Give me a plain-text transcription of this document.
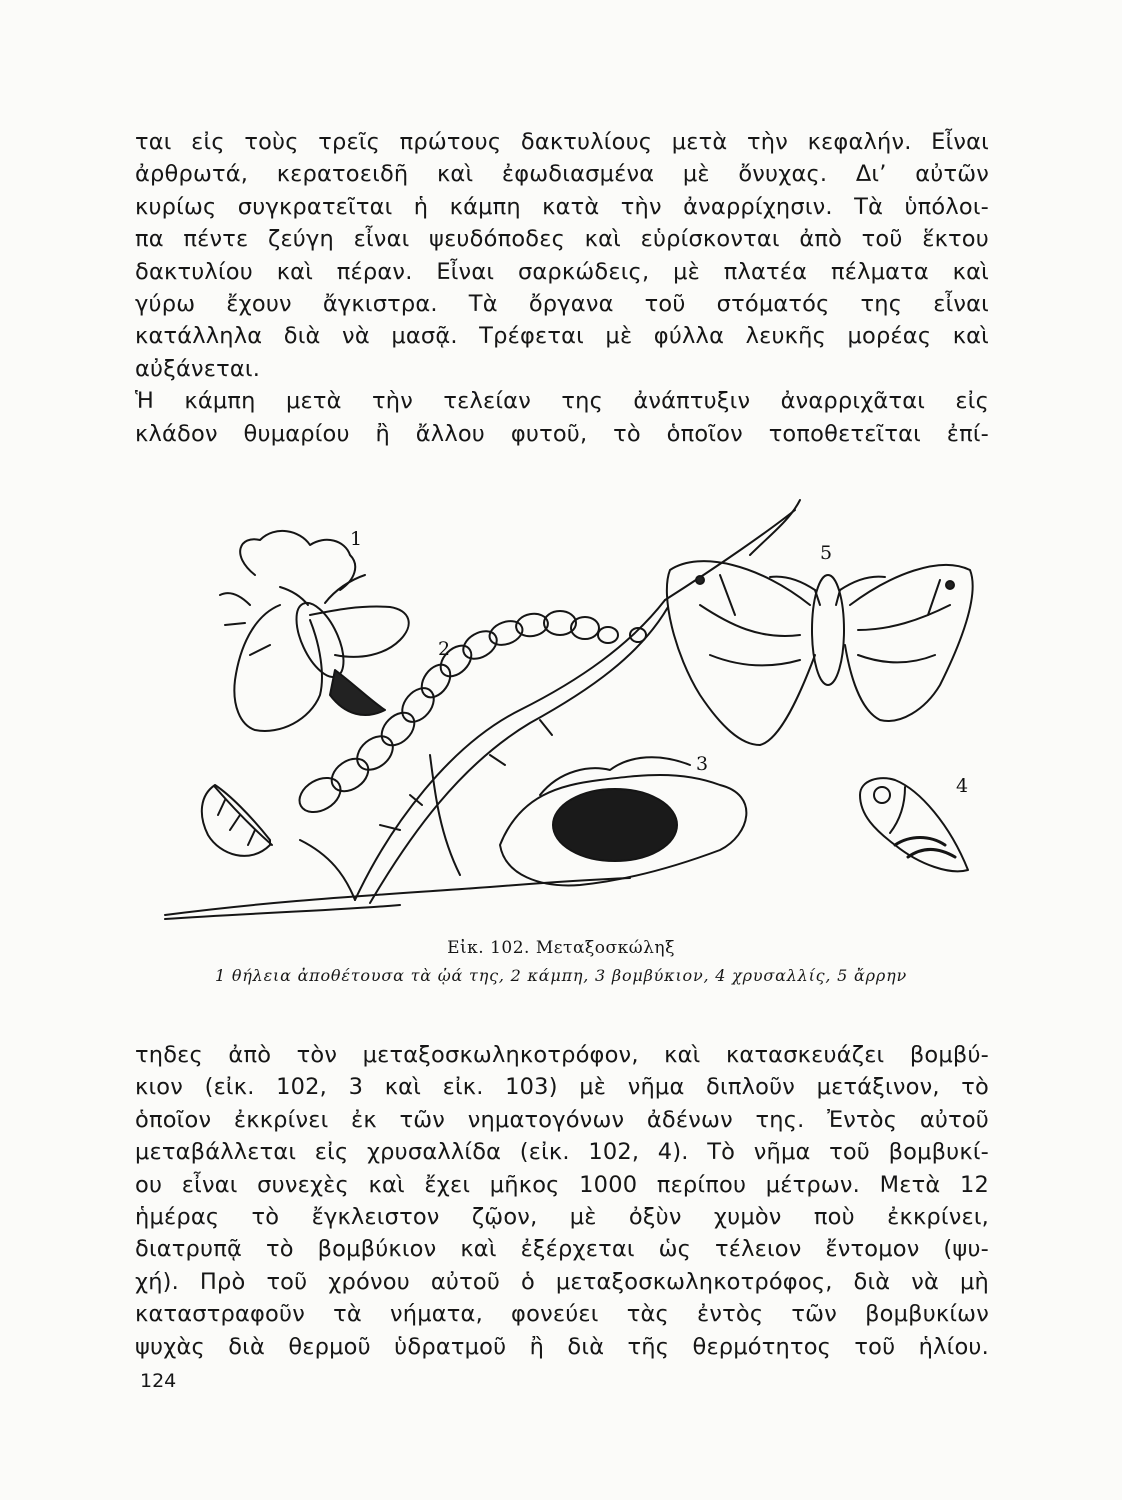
ται εἰς τοὺς τρεῖς πρώτους δακτυλίους μετὰ τὴν κεφαλήν. Εἶναι
ἀρθρωτά, κερατοειδῆ καὶ ἐφωδιασμένα μὲ ὄνυχας. Δι’ αὐτῶν
κυρίως συγκρατεῖται ἡ κάμπη κατὰ τὴν ἀναρρίχησιν. Τὰ ὑπόλοι-
πα πέντε ζεύγη εἶναι ψευδόποδες καὶ εὑρίσκονται ἀπὸ τοῦ ἕκτου
δακτυλίου καὶ πέραν. Εἶναι σαρκώδεις, μὲ πλατέα πέλματα καὶ
γύρω ἔχουν ἄγκιστρα. Τὰ ὄργανα τοῦ στόματός της εἶναι
κατάλληλα διὰ νὰ μασᾷ. Τρέφεται μὲ φύλλα λευκῆς μορέας καὶ
αὐξάνεται.
Ἡ κάμπη μετὰ τὴν τελείαν της ἀνάπτυξιν ἀναρριχᾶται εἰς
κλάδον θυμαρίου ἢ ἄλλου φυτοῦ, τὸ ὁποῖον τοποθετεῖται ἐπί-
1
2
3
4
5
Εἰκ. 102. Μεταξοσκώληξ
1 θήλεια ἀποθέτουσα τὰ ᾠά της, 2 κάμπη, 3 βομβύκιον, 4 χρυσαλλίς, 5 ἄρρην
τηδες ἀπὸ τὸν μεταξοσκωληκοτρόφον, καὶ κατασκευάζει βομβύ-
κιον (εἰκ. 102, 3 καὶ εἰκ. 103) μὲ νῆμα διπλοῦν μετάξινον, τὸ
ὁποῖον ἐκκρίνει ἐκ τῶν νηματογόνων ἀδένων της. Ἐντὸς αὐτοῦ
μεταβάλλεται εἰς χρυσαλλίδα (εἰκ. 102, 4). Τὸ νῆμα τοῦ βομβυκί-
ου εἶναι συνεχὲς καὶ ἔχει μῆκος 1000 περίπου μέτρων. Μετὰ 12
ἡμέρας τὸ ἔγκλειστον ζῷον, μὲ ὀξὺν χυμὸν ποὺ ἐκκρίνει,
διατρυπᾷ τὸ βομβύκιον καὶ ἐξέρχεται ὡς τέλειον ἔντομον (ψυ-
χή). Πρὸ τοῦ χρόνου αὐτοῦ ὁ μεταξοσκωληκοτρόφος, διὰ νὰ μὴ
καταστραφοῦν τὰ νήματα, φονεύει τὰς ἐντὸς τῶν βομβυκίων
ψυχὰς διὰ θερμοῦ ὑδρατμοῦ ἢ διὰ τῆς θερμότητος τοῦ ἡλίου.
124
